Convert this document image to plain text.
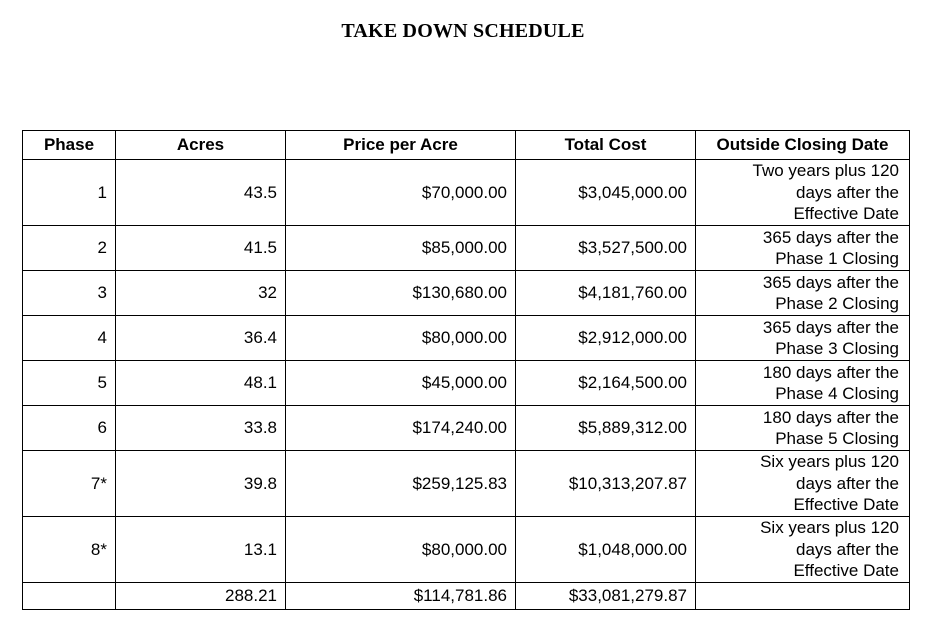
TAKE DOWN SCHEDULE
Phase	Acres	Price per Acre	Total Cost	Outside Closing Date
1	43.5	$70,000.00	$3,045,000.00	Two years plus 120
days after the
Effective Date

2	41.5	$85,000.00	$3,527,500.00	365 days after the
Phase 1 Closing

3	32	$130,680.00	$4,181,760.00	365 days after the
Phase 2 Closing

4	36.4	$80,000.00	$2,912,000.00	365 days after the
Phase 3 Closing

5	48.1	$45,000.00	$2,164,500.00	180 days after the
Phase 4 Closing

6	33.8	$174,240.00	$5,889,312.00	180 days after the
Phase 5 Closing

7*	39.8	$259,125.83	$10,313,207.87	Six years plus 120
days after the
Effective Date

8*	13.1	$80,000.00	$1,048,000.00	Six years plus 120
days after the
Effective Date

	288.21	$114,781.86	$33,081,279.87	
